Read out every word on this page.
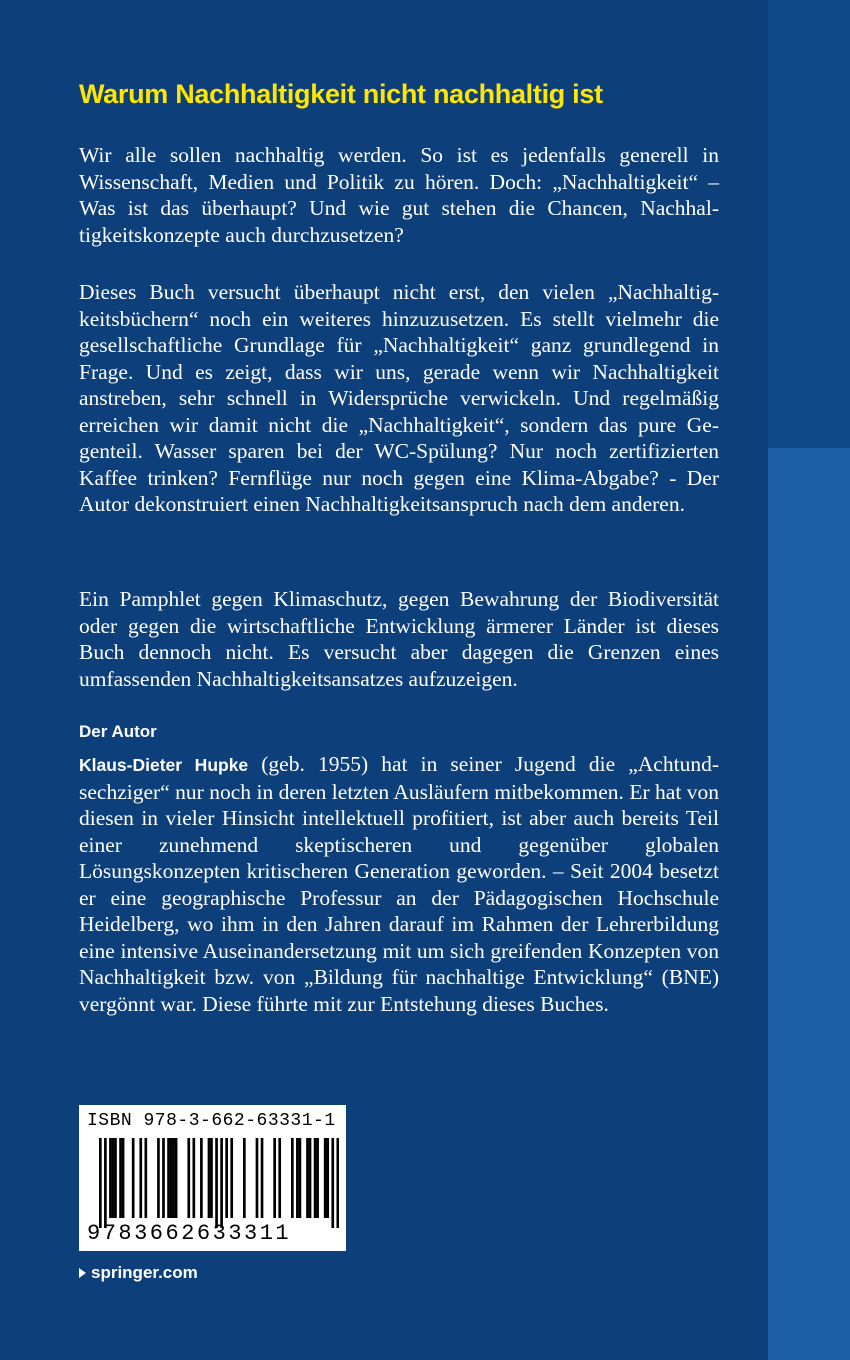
Warum Nachhaltigkeit nicht nachhaltig ist

Wir alle sollen nachhaltig werden. So ist es jedenfalls generell in Wissenschaft, Medien und Politik zu hören. Doch: „Nachhaltigkeit“ – Was ist das überhaupt? Und wie gut stehen die Chancen, Nachhaltigkeitskonzepte auch durchzusetzen?

Dieses Buch versucht überhaupt nicht erst, den vielen „Nachhaltigkeitsbüchern“ noch ein weiteres hinzuzusetzen. Es stellt vielmehr die gesellschaftliche Grundlage für „Nachhaltigkeit“ ganz grundlegend in Frage. Und es zeigt, dass wir uns, gerade wenn wir Nachhaltigkeit anstreben, sehr schnell in Widersprüche verwickeln. Und regelmäßig erreichen wir damit nicht die „Nachhaltigkeit“, sondern das pure Gegenteil. Wasser sparen bei der WC-Spülung? Nur noch zertifizierten Kaffee trinken? Fernflüge nur noch gegen eine Klima-Abgabe? - Der Autor dekonstruiert einen Nachhaltigkeitsanspruch nach dem anderen.

Ein Pamphlet gegen Klimaschutz, gegen Bewahrung der Biodiversität oder gegen die wirtschaftliche Entwicklung ärmerer Länder ist dieses Buch dennoch nicht. Es versucht aber dagegen die Grenzen eines umfassenden Nachhaltigkeitsansatzes aufzuzeigen.

Der Autor

Klaus-Dieter Hupke (geb. 1955) hat in seiner Jugend die „Achtundsechziger“ nur noch in deren letzten Ausläufern mitbekommen. Er hat von diesen in vieler Hinsicht intellektuell profitiert, ist aber auch bereits Teil einer zunehmend skeptischeren und gegenüber globalen Lösungskonzepten kritischeren Generation geworden. – Seit 2004 besetzt er eine geographische Professur an der Pädagogischen Hochschule Heidelberg, wo ihm in den Jahren darauf im Rahmen der Lehrerbildung eine intensive Auseinandersetzung mit um sich greifenden Konzepten von Nachhaltigkeit bzw. von „Bildung für nachhaltige Entwicklung“ (BNE) vergönnt war. Diese führte mit zur Entstehung dieses Buches.

ISBN 978-3-662-63331-1
9783662633311
springer.com
